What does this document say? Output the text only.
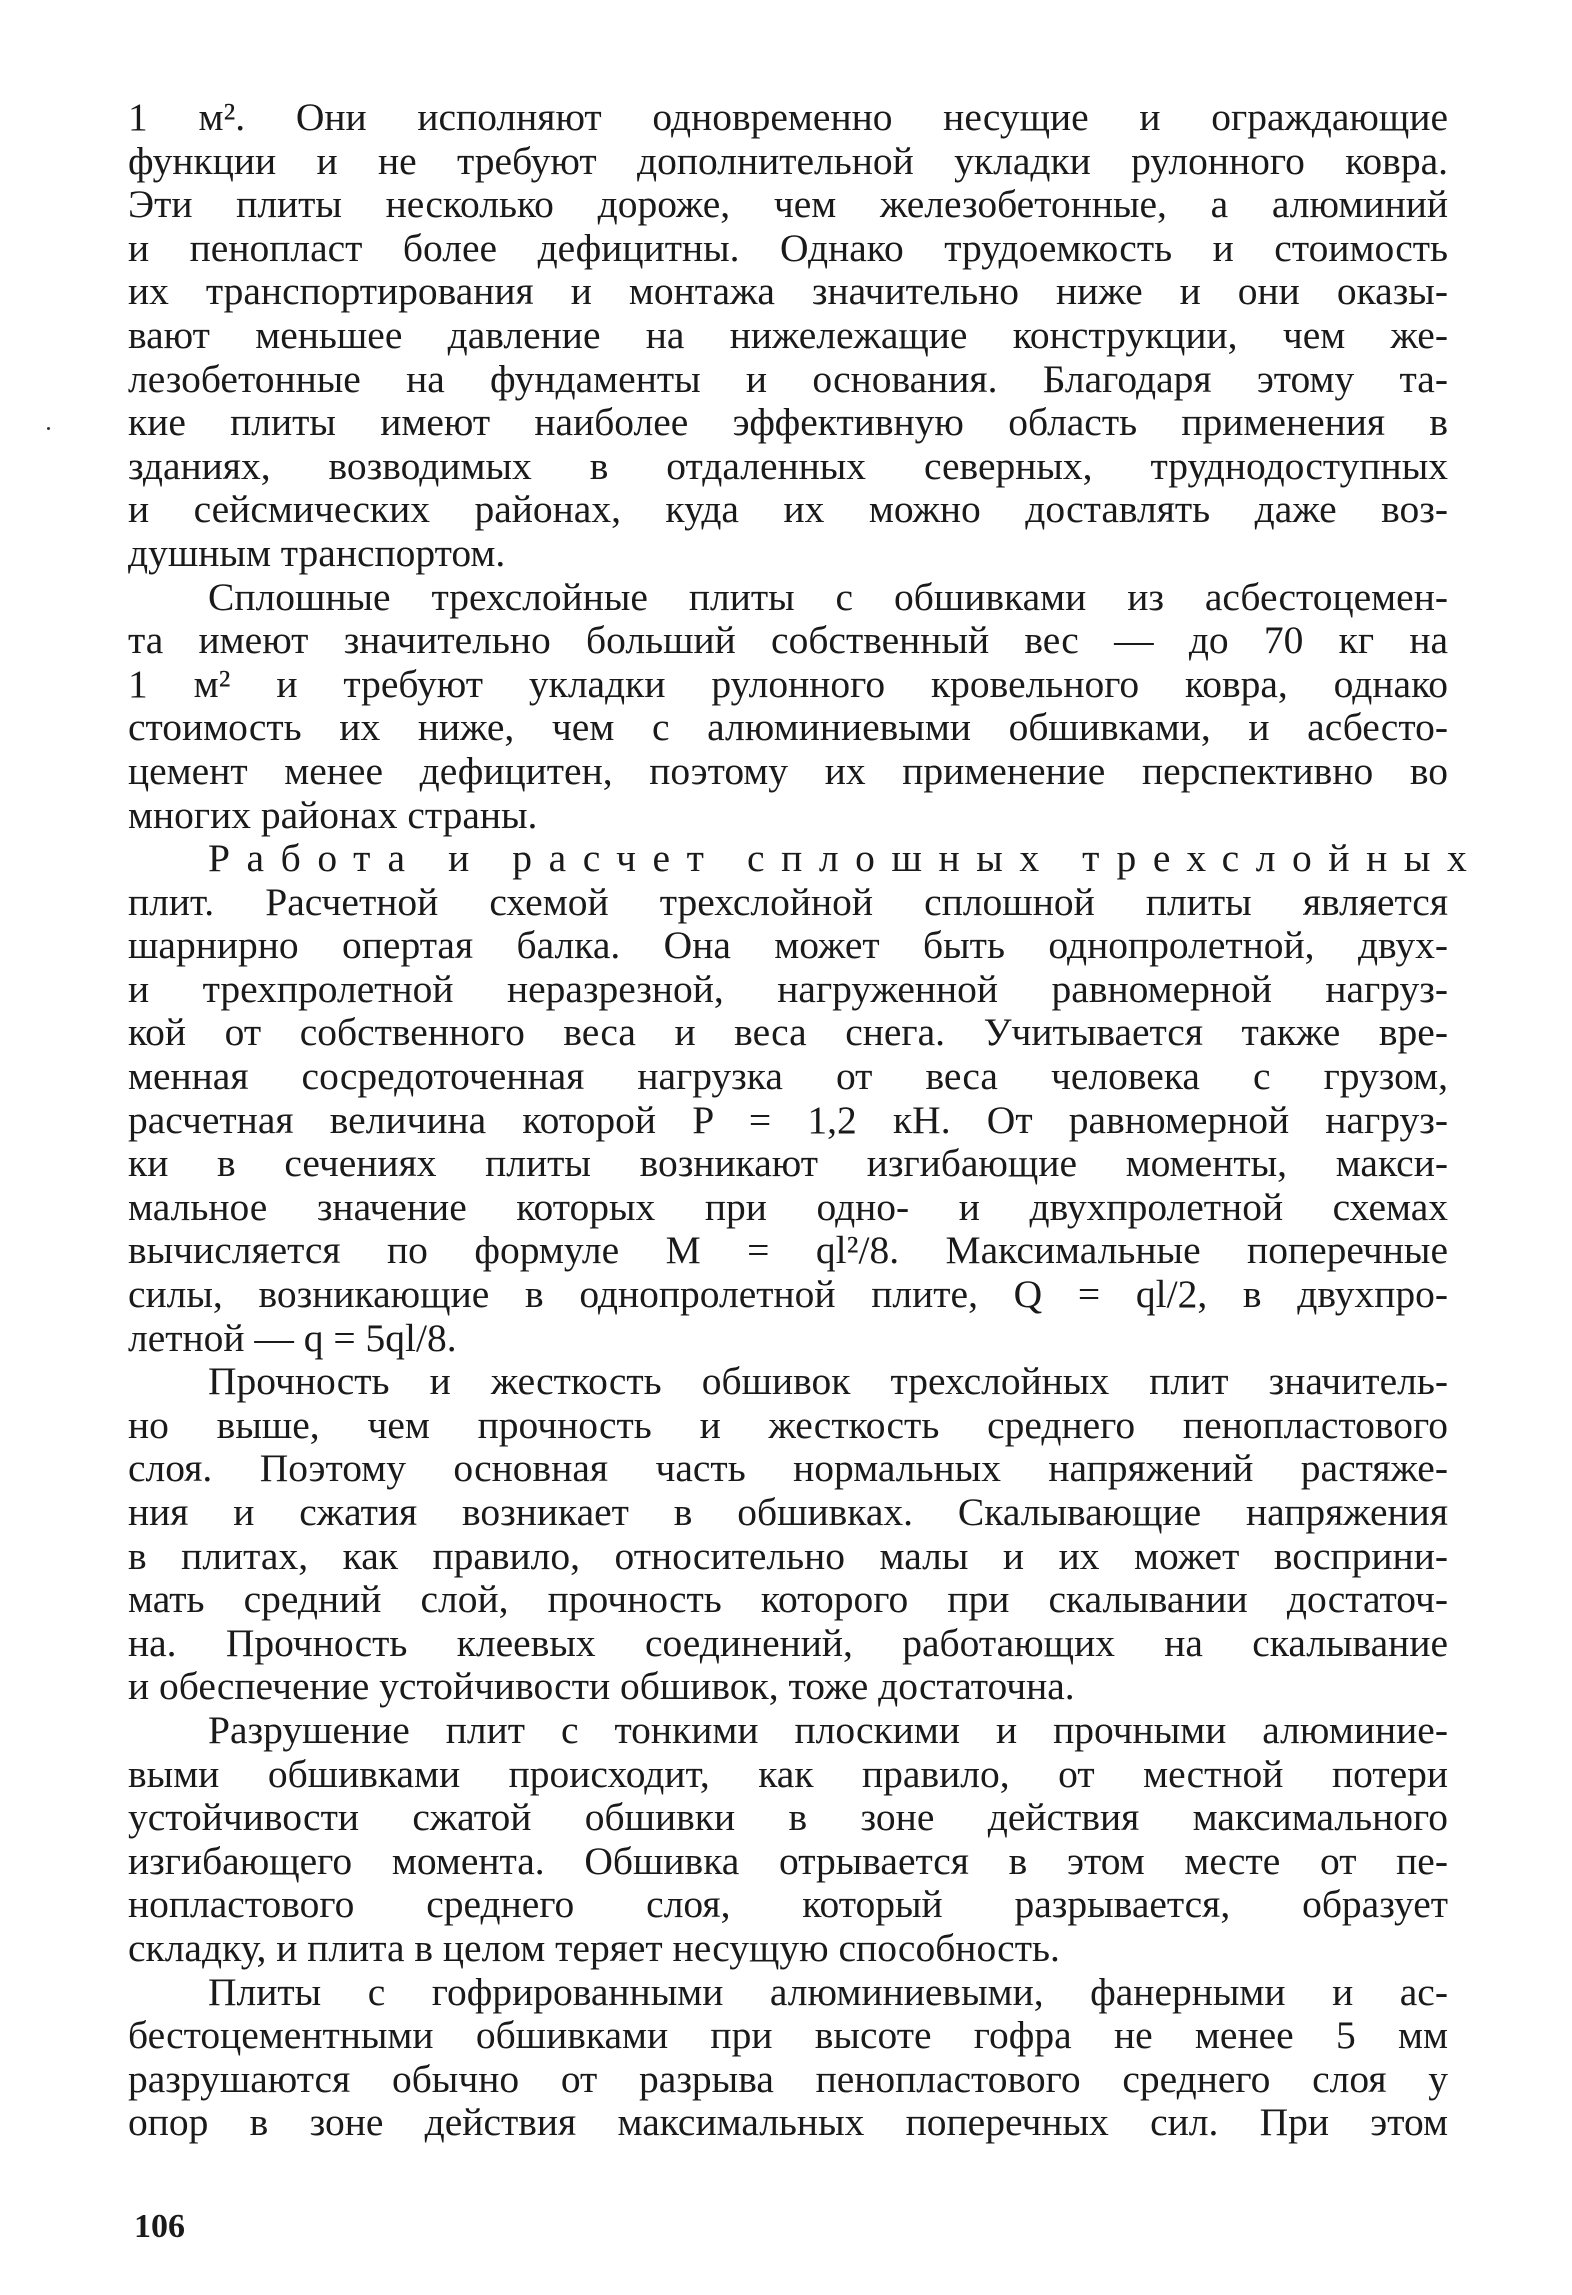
1 м². Они исполняют одновременно несущие и ограждающие
функции и не требуют дополнительной укладки рулонного ковра.
Эти плиты несколько дороже, чем железобетонные, а алюминий
и пенопласт более дефицитны. Однако трудоемкость и стоимость
их транспортирования и монтажа значительно ниже и они оказы-
вают меньшее давление на нижележащие конструкции, чем же-
лезобетонные на фундаменты и основания. Благодаря этому та-
кие плиты имеют наиболее эффективную область применения в
зданиях, возводимых в отдаленных северных, труднодоступных
и сейсмических районах, куда их можно доставлять даже воз-
душным транспортом.

Сплошные трехслойные плиты с обшивками из асбестоцемен-
та имеют значительно больший собственный вес — до 70 кг на
1 м² и требуют укладки рулонного кровельного ковра, однако
стоимость их ниже, чем с алюминиевыми обшивками, и асбесто-
цемент менее дефицитен, поэтому их применение перспективно во
многих районах страны.

Работа и расчет сплошных трехслойных
плит. Расчетной схемой трехслойной сплошной плиты является
шарнирно опертая балка. Она может быть однопролетной, двух-
и трехпролетной неразрезной, нагруженной равномерной нагруз-
кой от собственного веса и веса снега. Учитывается также вре-
менная сосредоточенная нагрузка от веса человека с грузом,
расчетная величина которой P = 1,2 кН. От равномерной нагруз-
ки в сечениях плиты возникают изгибающие моменты, макси-
мальное значение которых при одно- и двухпролетной схемах
вычисляется по формуле M = ql²/8. Максимальные поперечные
силы, возникающие в однопролетной плите, Q = ql/2, в двухпро-
летной — q = 5ql/8.

Прочность и жесткость обшивок трехслойных плит значитель-
но выше, чем прочность и жесткость среднего пенопластового
слоя. Поэтому основная часть нормальных напряжений растяже-
ния и сжатия возникает в обшивках. Скалывающие напряжения
в плитах, как правило, относительно малы и их может восприни-
мать средний слой, прочность которого при скалывании достаточ-
на. Прочность клеевых соединений, работающих на скалывание
и обеспечение устойчивости обшивок, тоже достаточна.

Разрушение плит с тонкими плоскими и прочными алюминие-
выми обшивками происходит, как правило, от местной потери
устойчивости сжатой обшивки в зоне действия максимального
изгибающего момента. Обшивка отрывается в этом месте от пе-
нопластового среднего слоя, который разрывается, образует
складку, и плита в целом теряет несущую способность.

Плиты с гофрированными алюминиевыми, фанерными и ас-
бестоцементными обшивками при высоте гофра не менее 5 мм
разрушаются обычно от разрыва пенопластового среднего слоя у
опор в зоне действия максимальных поперечных сил. При этом

106
